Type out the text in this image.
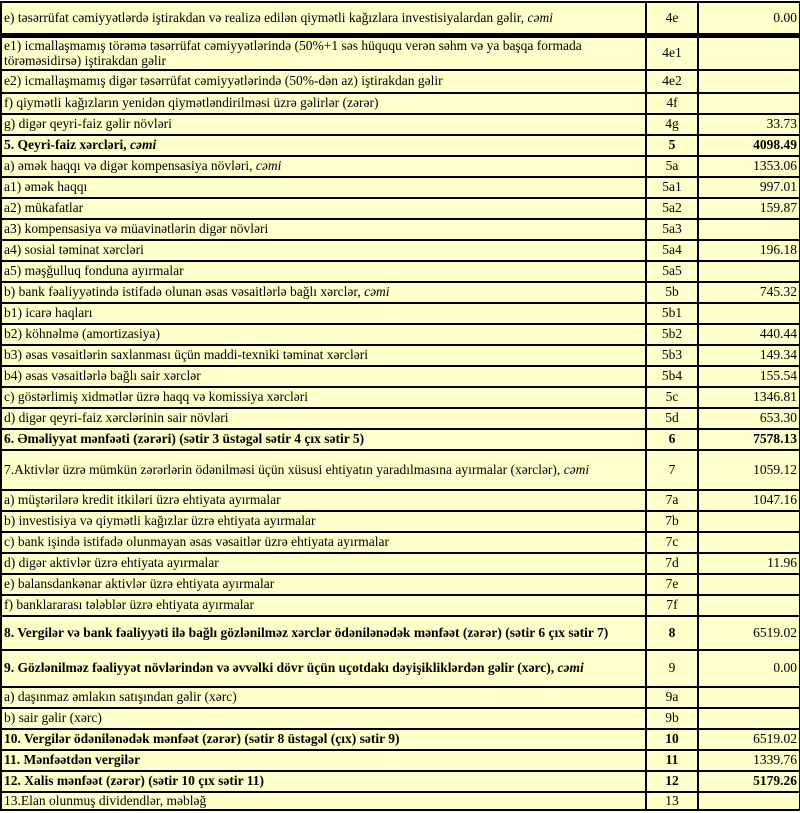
e) təsərrüfat cəmiyyətlərdə iştirakdan və realizə edilən qiymətli kağızlara investisiyalardan gəlir, cəmi	4e	0.00
e1) icmallaşmamış törəmə təsərrüfat cəmiyyətlərində (50%+1 səs hüququ verən səhm və ya başqa formada törəməsidirsə) iştirakdan gəlir	4e1	
e2) icmallaşmamış digər təsərrüfat cəmiyyətlərində (50%-dən az) iştirakdan gəlir	4e2	
f) qiymətli kağızların yenidən qiymətləndirilməsi üzrə gəlirlər (zərər)	4f	
g) digər qeyri-faiz gəlir növləri	4g	33.73
5. Qeyri-faiz xərcləri, cəmi	5	4098.49
a) əmək haqqı və digər kompensasiya növləri, cəmi	5a	1353.06
a1) əmək haqqı	5a1	997.01
a2) mükafatlar	5a2	159.87
a3) kompensasiya və müavinətlərin digər növləri	5a3	
a4) sosial təminat xərcləri	5a4	196.18
a5) məşğulluq fonduna ayırmalar	5a5	
b) bank fəaliyyətində istifadə olunan əsas vəsaitlərlə bağlı xərclər, cəmi	5b	745.32
b1) icarə haqları	5b1	
b2) köhnəlmə (amortizasiya)	5b2	440.44
b3) əsas vəsaitlərin saxlanması üçün maddi-texniki təminat xərcləri	5b3	149.34
b4) əsas vəsaitlərlə bağlı sair xərclər	5b4	155.54
c) göstərlimiş xidmətlər üzrə haqq və komissiya xərcləri	5c	1346.81
d) digər qeyri-faiz xərclərinin sair növləri	5d	653.30
6. Əməliyyat mənfəəti (zərəri) (sətir 3 üstəgəl sətir 4 çıx sətir 5)	6	7578.13
7.Aktivlər üzrə mümkün zərərlərin ödənilməsi üçün xüsusi ehtiyatın yaradılmasına ayırmalar (xərclər), cəmi	7	1059.12
a) müştərilərə kredit itkiləri üzrə ehtiyata ayırmalar	7a	1047.16
b) investisiya və qiymətli kağızlar üzrə ehtiyata ayırmalar	7b	
c) bank işində istifadə olunmayan əsas vəsaitlər üzrə ehtiyata ayırmalar	7c	
d) digər aktivlər üzrə ehtiyata ayırmalar	7d	11.96
e) balansdankənar aktivlər üzrə ehtiyata ayırmalar	7e	
f) banklararası tələblər üzrə ehtiyata ayırmalar	7f	
8. Vergilər və bank fəaliyyəti ilə bağlı gözlənilməz xərclər ödənilənədək mənfəət (zərər) (sətir 6 çıx sətir 7)	8	6519.02
9. Gözlənilməz fəaliyyət növlərindən və əvvəlki dövr üçün uçotdakı dəyişikliklərdən gəlir (xərc), cəmi	9	0.00
a) daşınmaz əmlakın satışından gəlir (xərc)	9a	
b) sair gəlir (xərc)	9b	
10. Vergilər ödənilənədək mənfəət (zərər) (sətir 8 üstəgəl (çıx) sətir 9)	10	6519.02
11. Mənfəətdən vergilər	11	1339.76
12. Xalis mənfəət (zərər) (sətir 10 çıx sətir 11)	12	5179.26
13.Elan olunmuş dividendlər, məbləğ	13	
